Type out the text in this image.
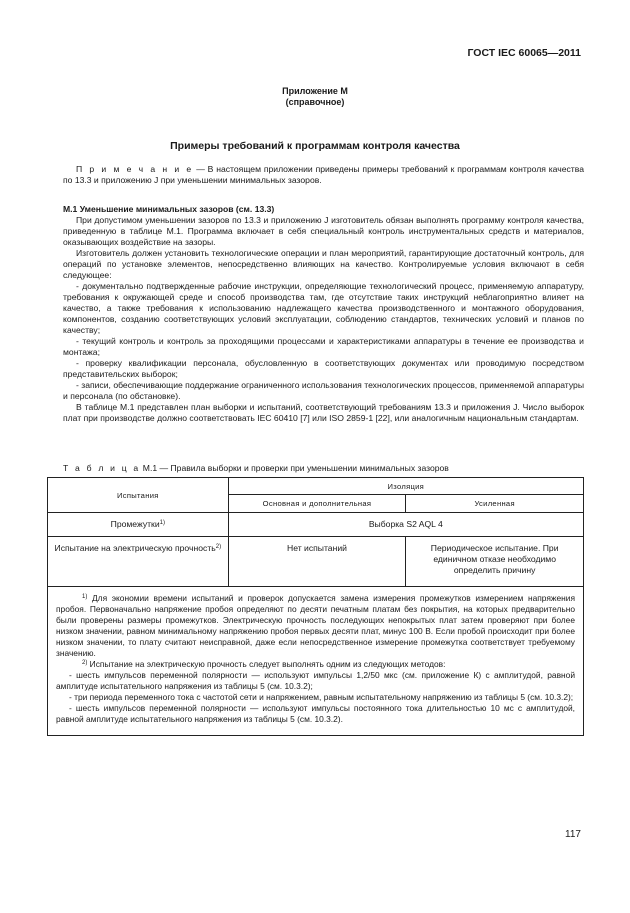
ГОСТ IEC 60065—2011
Приложение М
(справочное)
Примеры требований к программам контроля качества

П р и м е ч а н и е — В настоящем приложении приведены примеры требований к программам контроля качества по 13.3 и приложению J при уменьшении минимальных зазоров.

М.1 Уменьшение минимальных зазоров (см. 13.3)

При допустимом уменьшении зазоров по 13.3 и приложению J изготовитель обязан выполнять программу контроля качества, приведенную в таблице М.1. Программа включает в себя специальный контроль инструментальных средств и материалов, оказывающих воздействие на зазоры.

Изготовитель должен установить технологические операции и план мероприятий, гарантирующие достаточный контроль, для операций по установке элементов, непосредственно влияющих на качество. Контролируемые условия включают в себя следующее:

- документально подтвержденные рабочие инструкции, определяющие технологический процесс, применяемую аппаратуру, требования к окружающей среде и способ производства там, где отсутствие таких инструкций неблагоприятно влияет на качество, а также требования к использованию надлежащего качества производственного и монтажного оборудования, компонентов, созданию соответствующих условий эксплуатации, соблюдению стандартов, технических условий и планов по качеству;

- текущий контроль и контроль за проходящими процессами и характеристиками аппаратуры в течение ее производства и монтажа;

- проверку квалификации персонала, обусловленную в соответствующих документах или проводимую посредством представительских выборок;

- записи, обеспечивающие поддержание ограниченного использования технологических процессов, применяемой аппаратуры и персонала (по обстановке).

В таблице М.1 представлен план выборки и испытаний, соответствующий требованиям 13.3 и приложения J. Число выборок плат при производстве должно соответствовать IEC 60410 [7] или ISO 2859-1 [22], или аналогичным национальным стандартам.

Т а б л и ц а М.1 — Правила выборки и проверки при уменьшении минимальных зазоров
Испытания	Изоляция	
	Основная и дополнительная	Усиленная
Промежутки$^{1)}$	Выборка S2 AQL 4	
Испытание на электрическую прочность$^{2)}$	Нет испытаний	Периодическое испытание. При единичном отказе необходимо определить причину

$^{1)}$ Для экономии времени испытаний и проверок допускается замена измерения промежутков измерением напряжения пробоя. Первоначально напряжение пробоя определяют по десяти печатным платам без покрытия, на которых предварительно были проверены размеры промежутков. Электрическую прочность последующих непокрытых плат затем проверяют при более низком значении, равном минимальному напряжению пробоя первых десяти плат, минус 100 В. Если пробой происходит при более низком значении, то плату считают неисправной, даже если непосредственное измерение промежутка соответствует требуемому значению.

$^{2)}$ Испытание на электрическую прочность следует выполнять одним из следующих методов:

- шесть импульсов переменной полярности — используют импульсы 1,2/50 мкс (см. приложение К) с амплитудой, равной амплитуде испытательного напряжения из таблицы 5 (см. 10.3.2);

- три периода переменного тока с частотой сети и напряжением, равным испытательному напряжению из таблицы 5 (см. 10.3.2);

- шесть импульсов переменной полярности — используют импульсы постоянного тока длительностью 10 мс с амплитудой, равной амплитуде испытательного напряжения из таблицы 5 (см. 10.3.2).		

117
